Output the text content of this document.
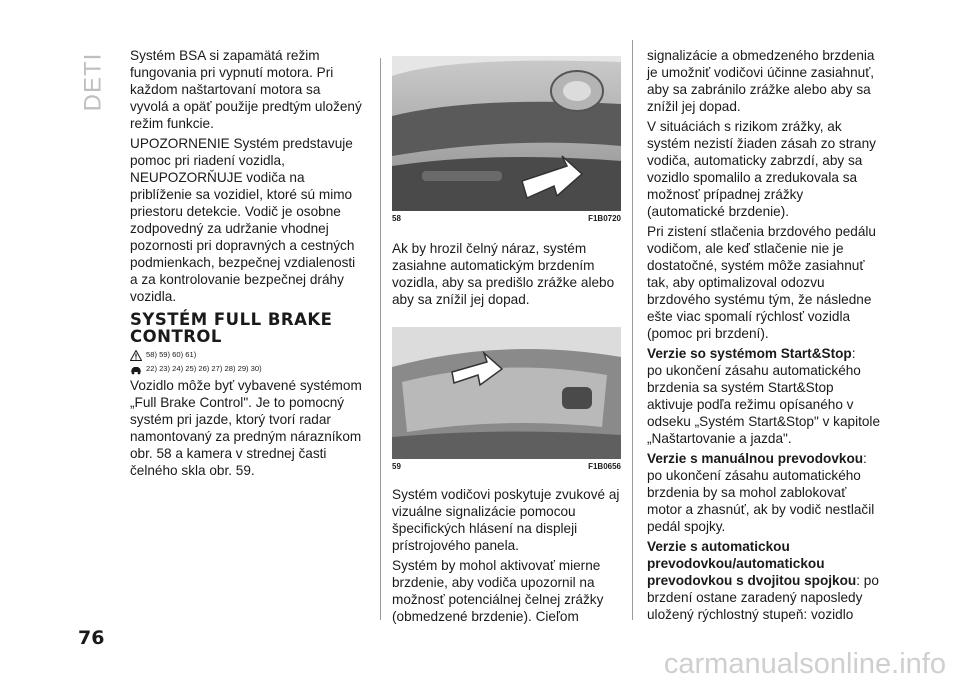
DETI Systém BSA si zapamätá režim fungovania pri vypnutí motora. Pri každom naštartovaní motora sa vyvolá a opäť použije predtým uložený režim funkcie.

UPOZORNENIE Systém predstavuje pomoc pri riadení vozidla, NEUPOZORŇUJE vodiča na priblíženie sa vozidiel, ktoré sú mimo priestoru detekcie. Vodič je osobne zodpovedný za udržanie vhodnej pozornosti pri dopravných a cestných podmienkach, bezpečnej vzdialenosti a za kontrolovanie bezpečnej dráhy vozidla.

SYSTÉM FULL BRAKE
CONTROL
58) 59) 60) 61)
22) 23) 24) 25) 26) 27) 28) 29) 30)

Vozidlo môže byť vybavené systémom „Full Brake Control". Je to pomocný systém pri jazde, ktorý tvorí radar namontovaný za predným nárazníkom obr. 58 a kamera v strednej časti čelného skla obr. 59.

58	F1B0720

Ak by hrozil čelný náraz, systém zasiahne automatickým brzdením vozidla, aby sa predišlo zrážke alebo aby sa znížil jej dopad.

59	F1B0656

Systém vodičovi poskytuje zvukové aj vizuálne signalizácie pomocou špecifických hlásení na displeji prístrojového panela.

Systém by mohol aktivovať mierne brzdenie, aby vodiča upozornil na možnosť potenciálnej čelnej zrážky (obmedzené brzdenie). Cieľom

signalizácie a obmedzeného brzdenia je umožniť vodičovi účinne zasiahnuť, aby sa zabránilo zrážke alebo aby sa znížil jej dopad.

V situáciách s rizikom zrážky, ak systém nezistí žiaden zásah zo strany vodiča, automaticky zabrzdí, aby sa vozidlo spomalilo a zredukovala sa možnosť prípadnej zrážky (automatické brzdenie).

Pri zistení stlačenia brzdového pedálu vodičom, ale keď stlačenie nie je dostatočné, systém môže zasiahnuť tak, aby optimalizoval odozvu brzdového systému tým, že následne ešte viac spomalí rýchlosť vozidla (pomoc pri brzdení).

Verzie so systémom Start&Stop:

po ukončení zásahu automatického brzdenia sa systém Start&Stop aktivuje podľa režimu opísaného v odseku „Systém Start&Stop" v kapitole „Naštartovanie a jazda".

Verzie s manuálnou prevodovkou:

po ukončení zásahu automatického brzdenia by sa mohol zablokovať motor a zhasnúť, ak by vodič nestlačil pedál spojky.

Verzie s automatickou prevodovkou/automatickou prevodovkou s dvojitou spojkou: po brzdení ostane zaradený naposledy uložený rýchlostný stupeň: vozidlo

76
carmanualsonline.info
